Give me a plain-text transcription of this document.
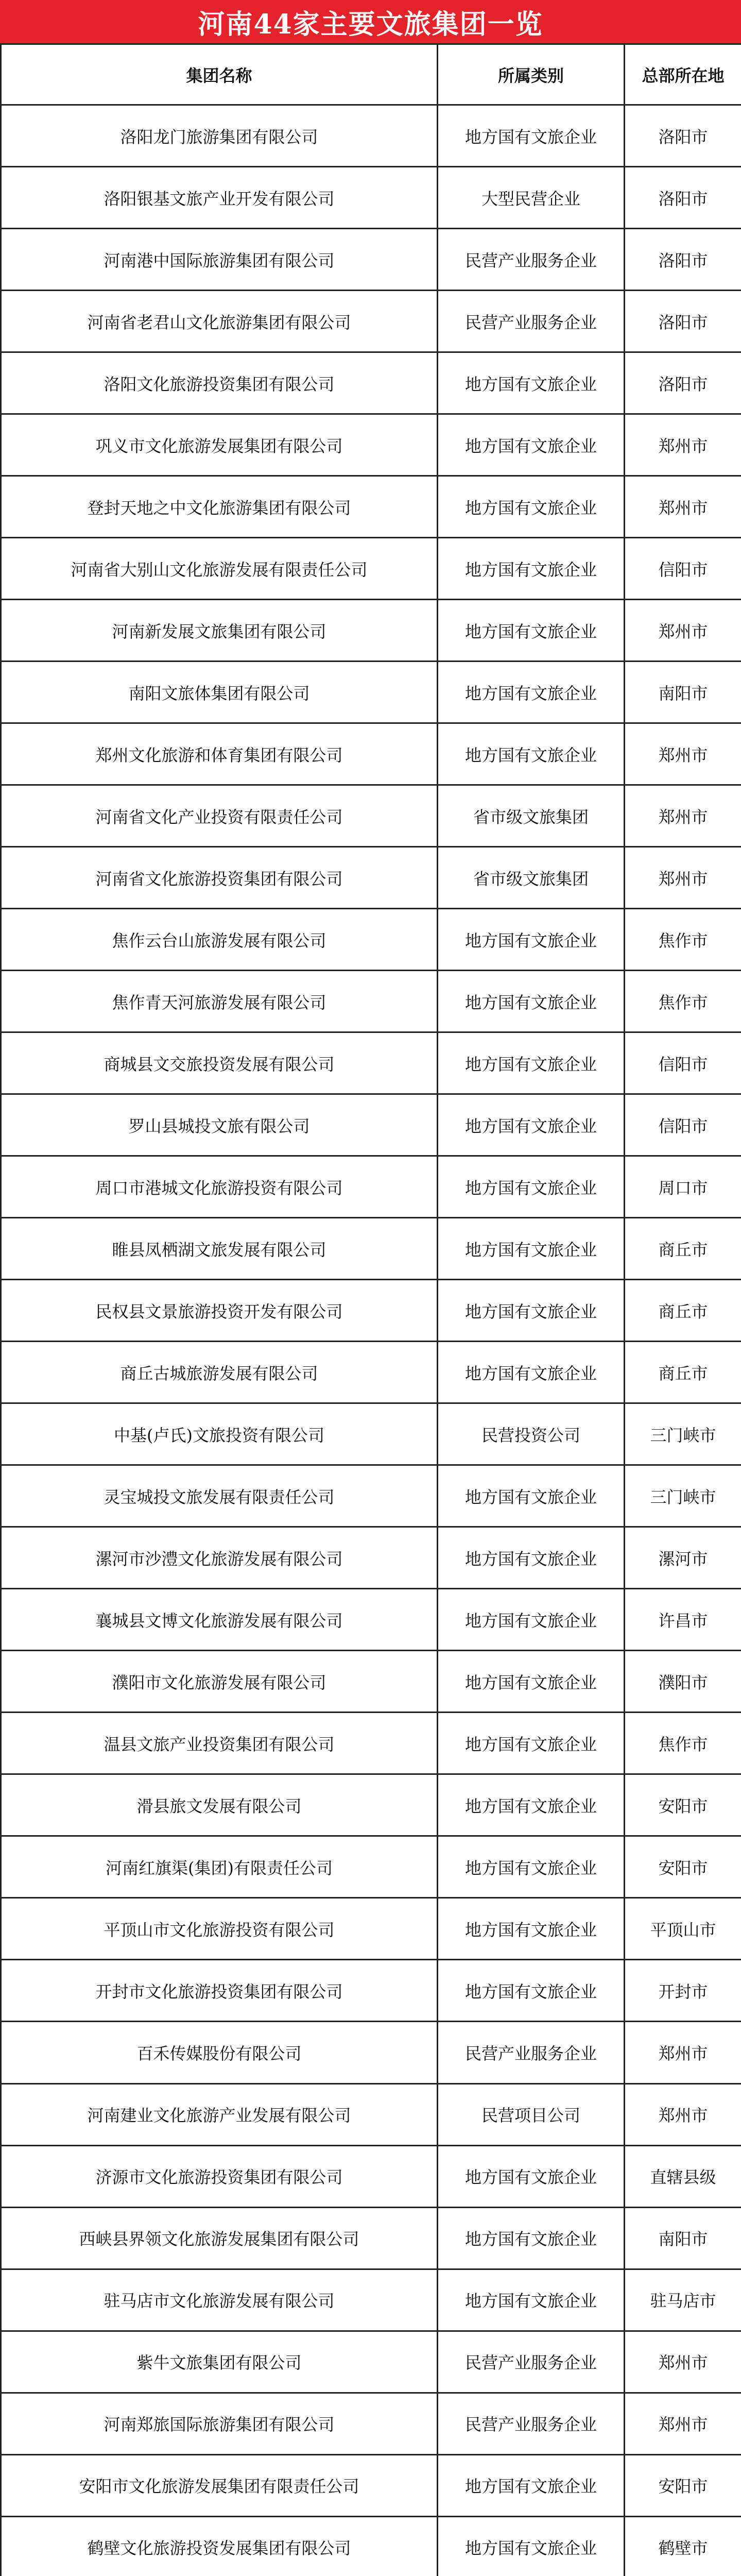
河南44家主要文旅集团一览
集团名称	所属类别	总部所在地
洛阳龙门旅游集团有限公司	地方国有文旅企业	洛阳市
洛阳银基文旅产业开发有限公司	大型民营企业	洛阳市
河南港中国际旅游集团有限公司	民营产业服务企业	洛阳市
河南省老君山文化旅游集团有限公司	民营产业服务企业	洛阳市
洛阳文化旅游投资集团有限公司	地方国有文旅企业	洛阳市
巩义市文化旅游发展集团有限公司	地方国有文旅企业	郑州市
登封天地之中文化旅游集团有限公司	地方国有文旅企业	郑州市
河南省大别山文化旅游发展有限责任公司	地方国有文旅企业	信阳市
河南新发展文旅集团有限公司	地方国有文旅企业	郑州市
南阳文旅体集团有限公司	地方国有文旅企业	南阳市
郑州文化旅游和体育集团有限公司	地方国有文旅企业	郑州市
河南省文化产业投资有限责任公司	省市级文旅集团	郑州市
河南省文化旅游投资集团有限公司	省市级文旅集团	郑州市
焦作云台山旅游发展有限公司	地方国有文旅企业	焦作市
焦作青天河旅游发展有限公司	地方国有文旅企业	焦作市
商城县文交旅投资发展有限公司	地方国有文旅企业	信阳市
罗山县城投文旅有限公司	地方国有文旅企业	信阳市
周口市港城文化旅游投资有限公司	地方国有文旅企业	周口市
睢县凤栖湖文旅发展有限公司	地方国有文旅企业	商丘市
民权县文景旅游投资开发有限公司	地方国有文旅企业	商丘市
商丘古城旅游发展有限公司	地方国有文旅企业	商丘市
中基(卢氏)文旅投资有限公司	民营投资公司	三门峡市
灵宝城投文旅发展有限责任公司	地方国有文旅企业	三门峡市
漯河市沙澧文化旅游发展有限公司	地方国有文旅企业	漯河市
襄城县文博文化旅游发展有限公司	地方国有文旅企业	许昌市
濮阳市文化旅游发展有限公司	地方国有文旅企业	濮阳市
温县文旅产业投资集团有限公司	地方国有文旅企业	焦作市
滑县旅文发展有限公司	地方国有文旅企业	安阳市
河南红旗渠(集团)有限责任公司	地方国有文旅企业	安阳市
平顶山市文化旅游投资有限公司	地方国有文旅企业	平顶山市
开封市文化旅游投资集团有限公司	地方国有文旅企业	开封市
百禾传媒股份有限公司	民营产业服务企业	郑州市
河南建业文化旅游产业发展有限公司	民营项目公司	郑州市
济源市文化旅游投资集团有限公司	地方国有文旅企业	直辖县级
西峡县界领文化旅游发展集团有限公司	地方国有文旅企业	南阳市
驻马店市文化旅游发展有限公司	地方国有文旅企业	驻马店市
紫牛文旅集团有限公司	民营产业服务企业	郑州市
河南郑旅国际旅游集团有限公司	民营产业服务企业	郑州市
安阳市文化旅游发展集团有限责任公司	地方国有文旅企业	安阳市
鹤壁文化旅游投资发展集团有限公司	地方国有文旅企业	鹤壁市
